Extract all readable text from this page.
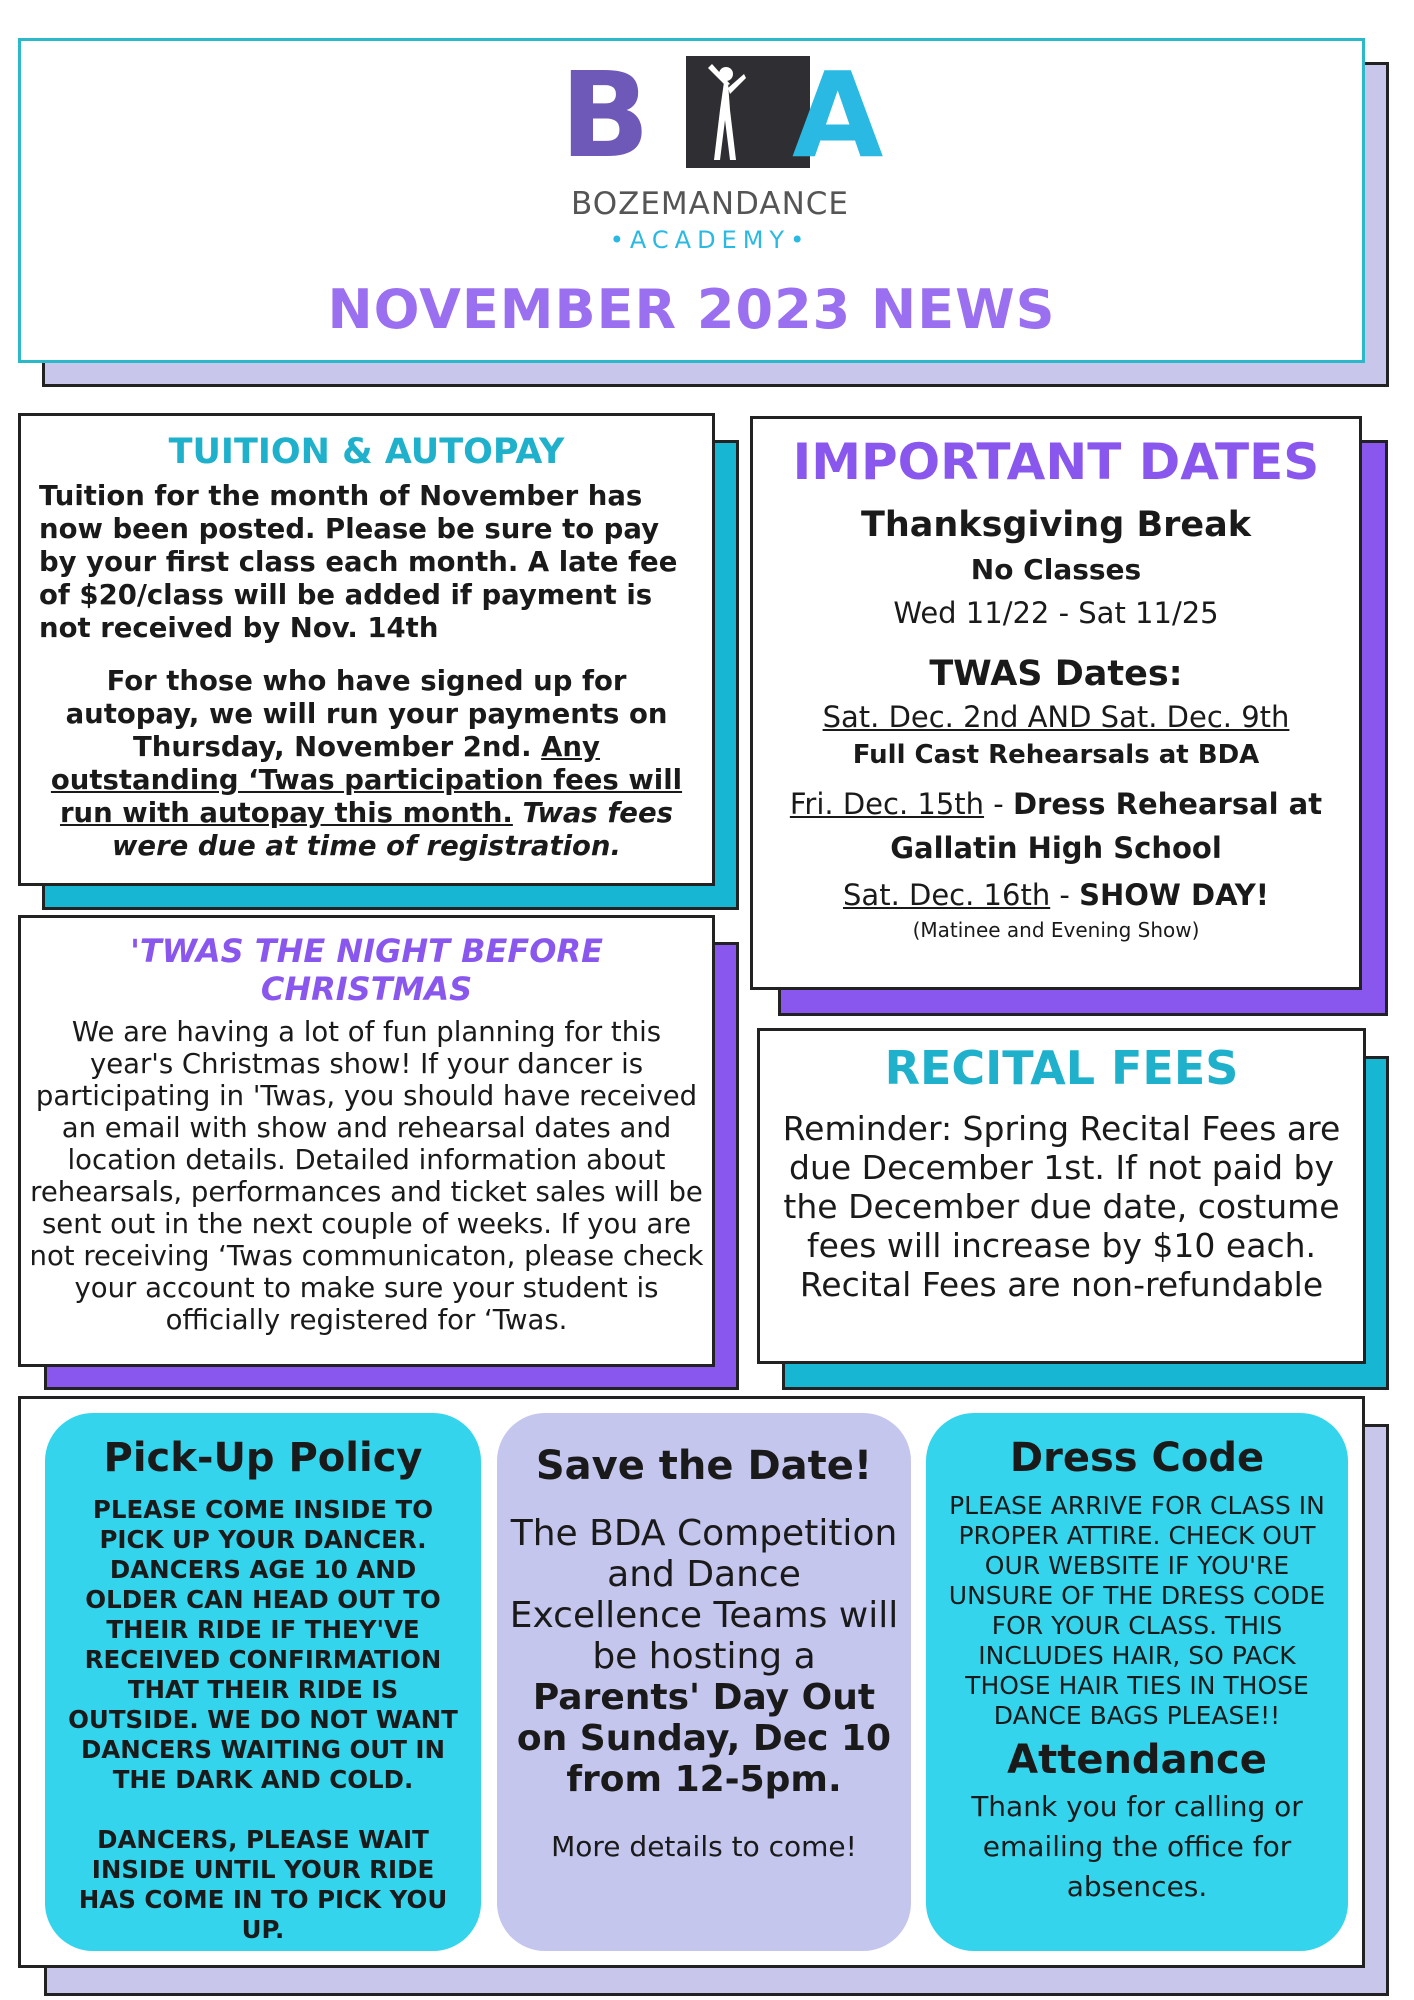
B A
BOZEMANDANCE
•ACADEMY•
NOVEMBER 2023 NEWS
TUITION & AUTOPAY

Tuition for the month of November has now been posted. Please be sure to pay by your first class each month. A late fee of $20/class will be added if payment is not received by Nov. 14th

For those who have signed up for autopay, we will run your payments on Thursday, November 2nd. Any outstanding ‘Twas participation fees will run with autopay this month. Twas fees were due at time of registration.

IMPORTANT DATES
Thanksgiving Break
No Classes
Wed 11/22 - Sat 11/25
TWAS Dates:
Sat. Dec. 2nd AND Sat. Dec. 9th
Full Cast Rehearsals at BDA
Fri. Dec. 15th - Dress Rehearsal at Gallatin High School
Sat. Dec. 16th - SHOW DAY!
(Matinee and Evening Show)
'TWAS THE NIGHT BEFORE CHRISTMAS

We are having a lot of fun planning for this year's Christmas show! If your dancer is participating in 'Twas, you should have received an email with show and rehearsal dates and location details. Detailed information about rehearsals, performances and ticket sales will be sent out in the next couple of weeks. If you are not receiving ‘Twas communicaton, please check your account to make sure your student is officially registered for ‘Twas.

RECITAL FEES

Reminder: Spring Recital Fees are due December 1st. If not paid by the December due date, costume fees will increase by $10 each.

Recital Fees are non-refundable

Pick-Up Policy

PLEASE COME INSIDE TO PICK UP YOUR DANCER. DANCERS AGE 10 AND OLDER CAN HEAD OUT TO THEIR RIDE IF THEY'VE RECEIVED CONFIRMATION THAT THEIR RIDE IS OUTSIDE. WE DO NOT WANT DANCERS WAITING OUT IN THE DARK AND COLD.

DANCERS, PLEASE WAIT INSIDE UNTIL YOUR RIDE HAS COME IN TO PICK YOU UP.

Save the Date!

The BDA Competition and Dance Excellence Teams will be hosting a Parents' Day Out on Sunday, Dec 10 from 12-5pm.

More details to come!

Dress Code

PLEASE ARRIVE FOR CLASS IN PROPER ATTIRE. CHECK OUT OUR WEBSITE IF YOU'RE UNSURE OF THE DRESS CODE FOR YOUR CLASS. THIS INCLUDES HAIR, SO PACK THOSE HAIR TIES IN THOSE DANCE BAGS PLEASE!!

Attendance

Thank you for calling or emailing the office for absences.
